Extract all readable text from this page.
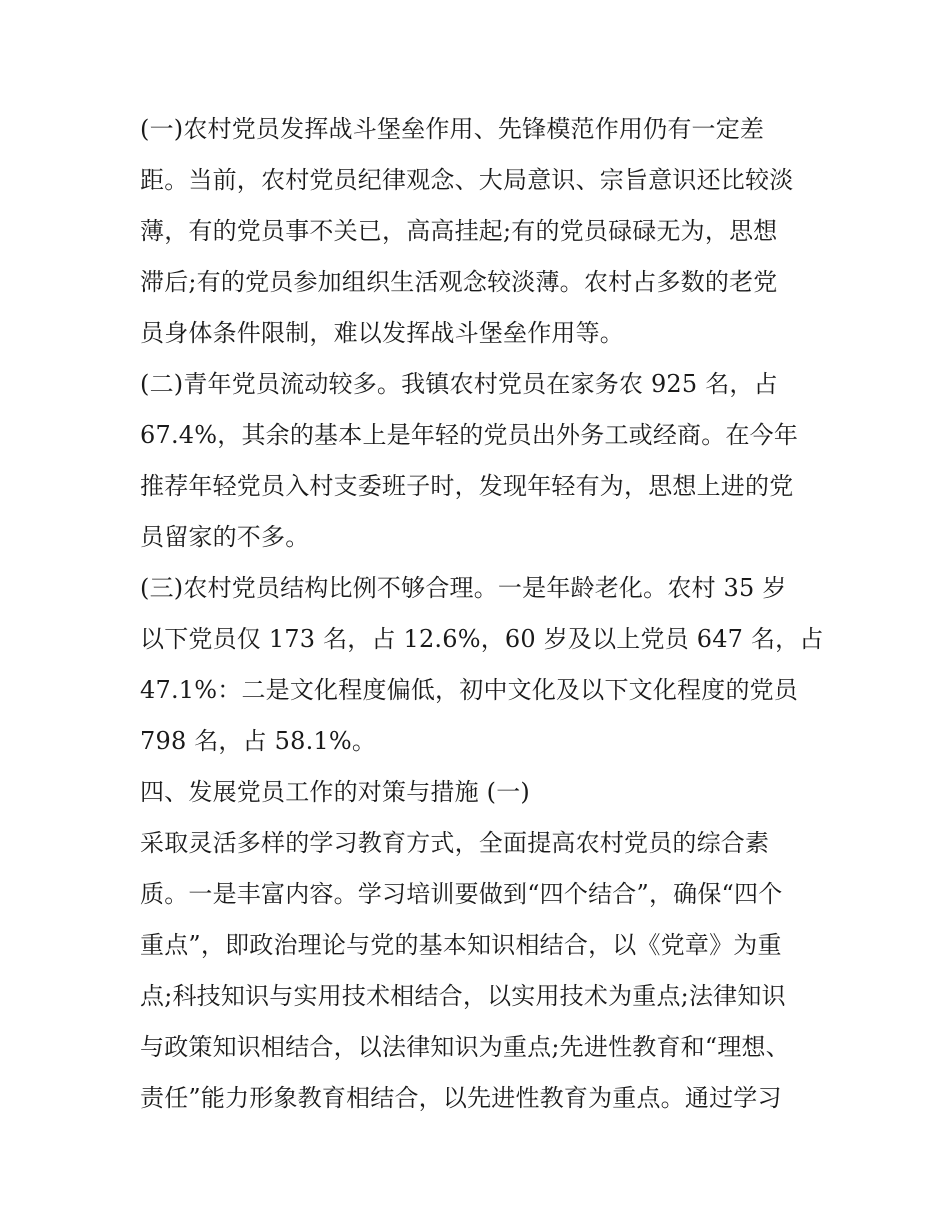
(一)农村党员发挥战斗堡垒作用、先锋模范作用仍有一定差
距。当前，农村党员纪律观念、大局意识、宗旨意识还比较淡
薄，有的党员事不关已，高高挂起;有的党员碌碌无为，思想
滞后;有的党员参加组织生活观念较淡薄。农村占多数的老党
员身体条件限制，难以发挥战斗堡垒作用等。
(二)青年党员流动较多。我镇农村党员在家务农 925 名，占
67.4%，其余的基本上是年轻的党员出外务工或经商。在今年
推荐年轻党员入村支委班子时，发现年轻有为，思想上进的党
员留家的不多。
(三)农村党员结构比例不够合理。一是年龄老化。农村 35 岁
以下党员仅 173 名，占 12.6%，60 岁及以上党员 647 名，占
47.1%：二是文化程度偏低，初中文化及以下文化程度的党员
798 名，占 58.1%。
四、发展党员工作的对策与措施 (一)
采取灵活多样的学习教育方式，全面提高农村党员的综合素
质。一是丰富内容。学习培训要做到“四个结合”，确保“四个
重点”，即政治理论与党的基本知识相结合，以《党章》为重
点;科技知识与实用技术相结合，以实用技术为重点;法律知识
与政策知识相结合，以法律知识为重点;先进性教育和“理想、
责任”能力形象教育相结合，以先进性教育为重点。通过学习
